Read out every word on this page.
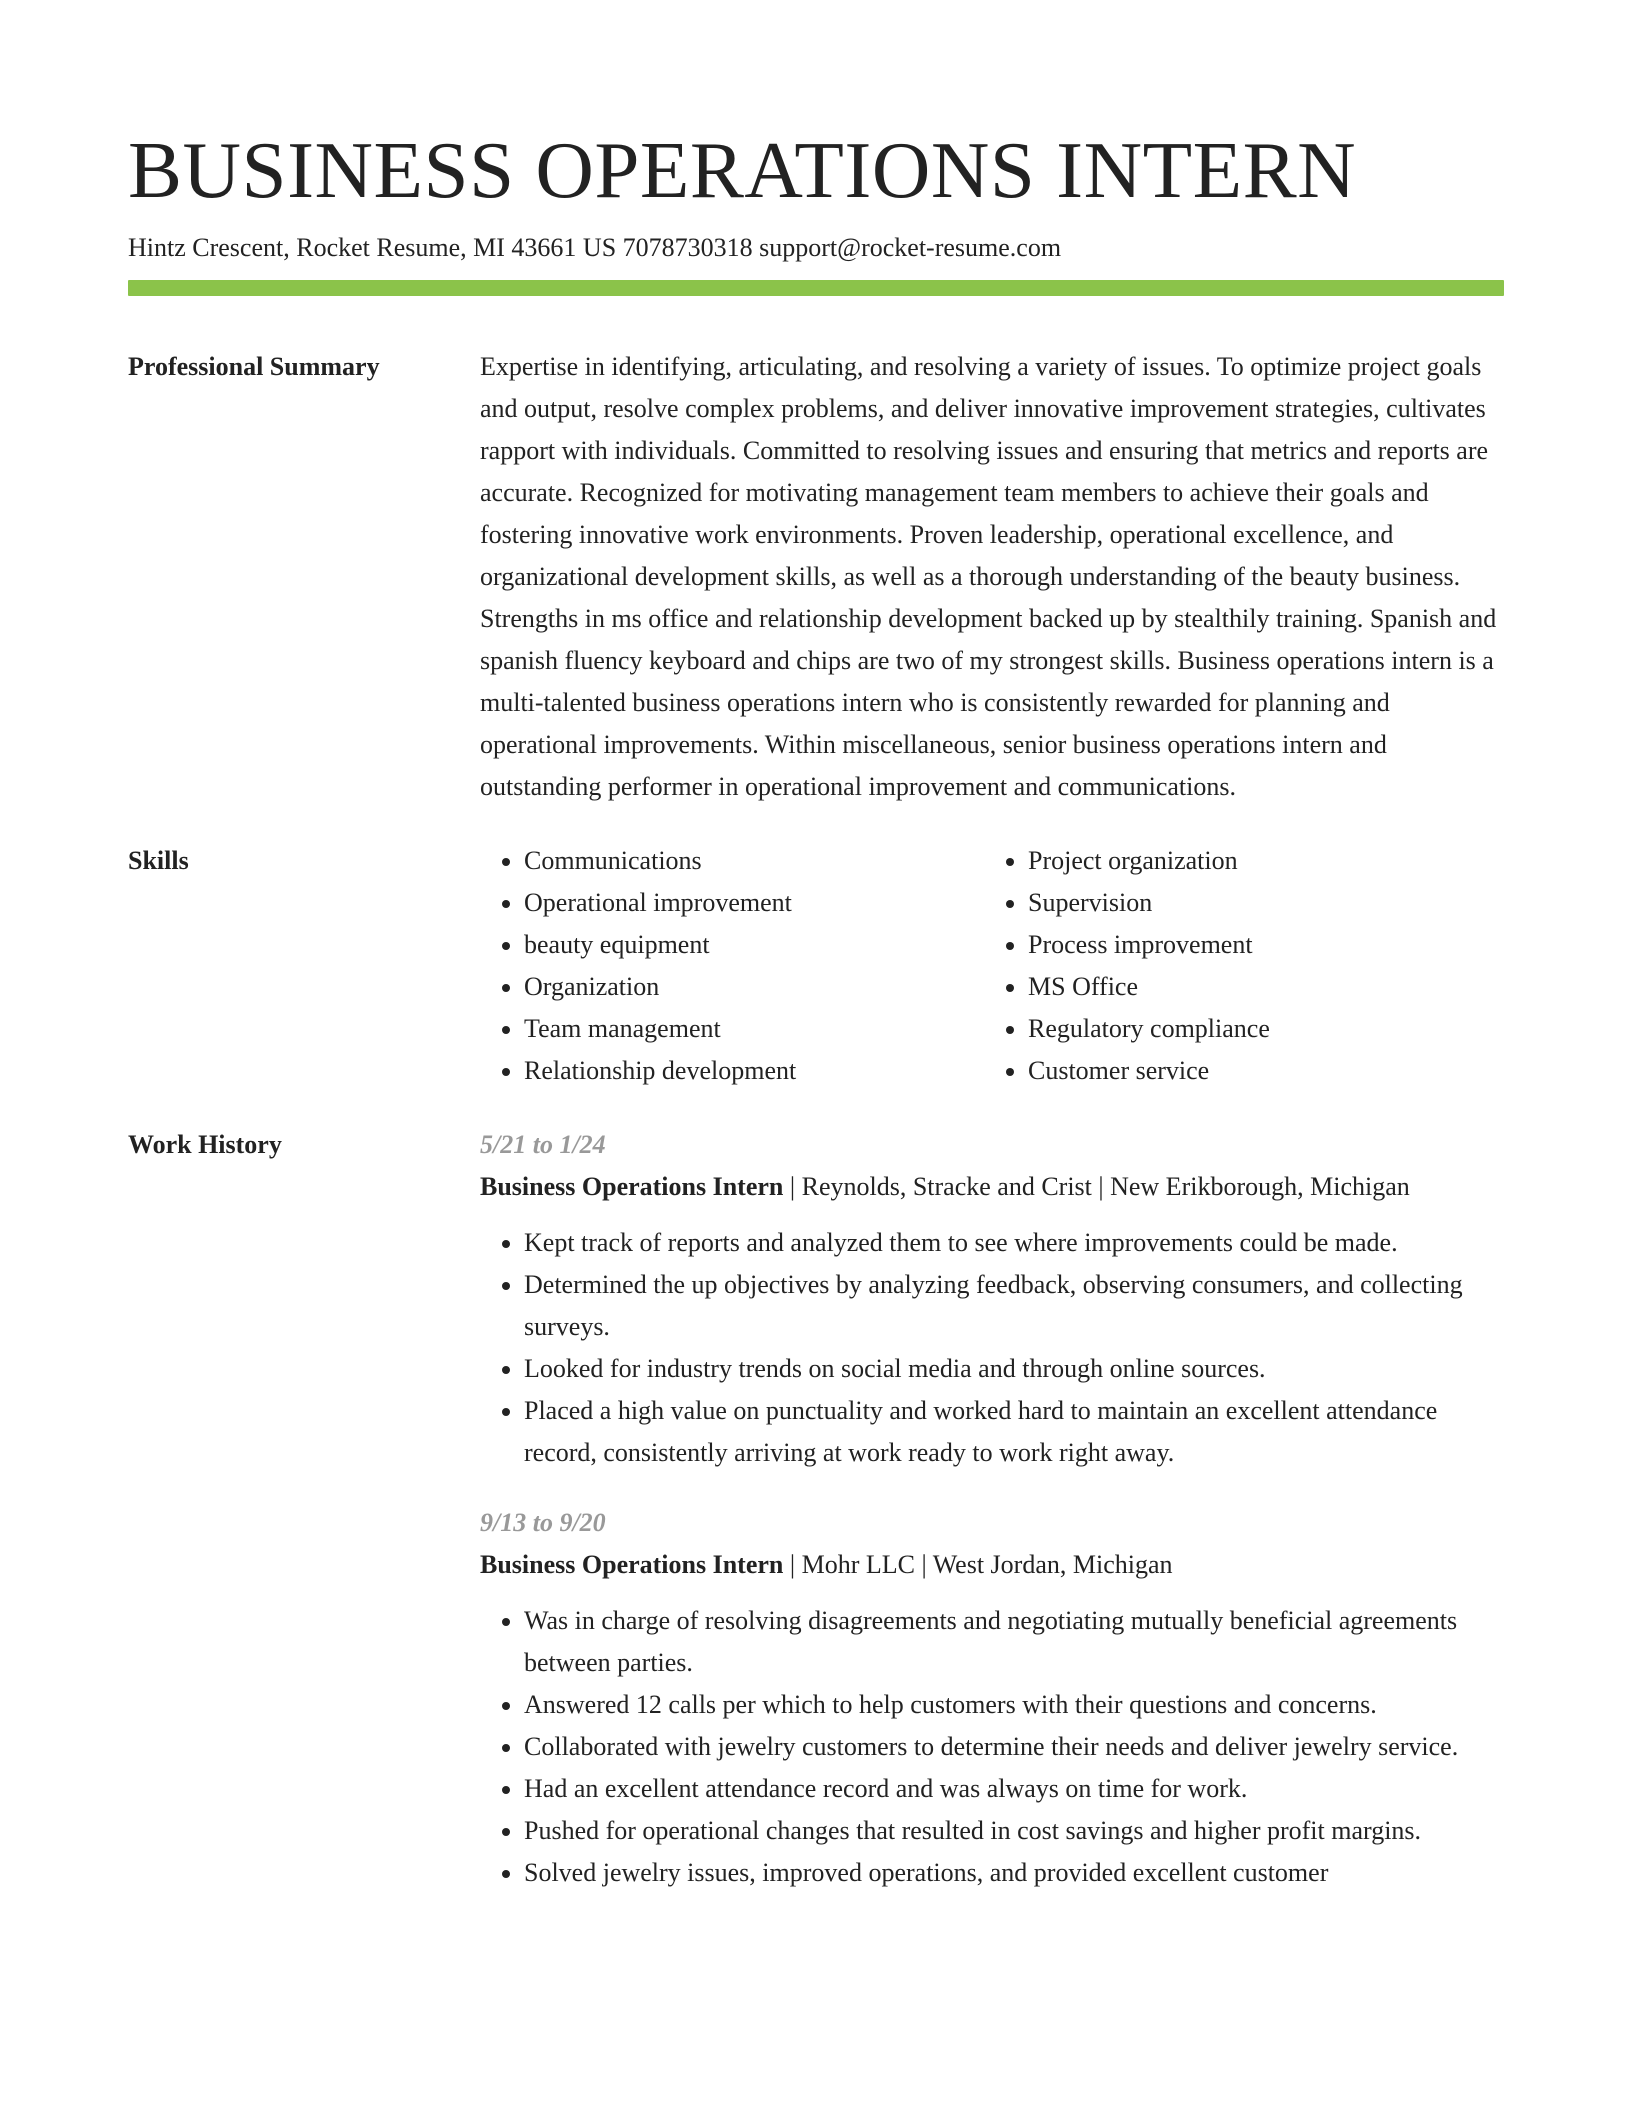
BUSINESS OPERATIONS INTERN
Hintz Crescent, Rocket Resume, MI 43661 US 7078730318 support@rocket-resume.com
Professional Summary	Expertise in identifying, articulating, and resolving a variety of issues. To optimize project goals and output, resolve complex problems, and deliver innovative improvement strategies, cultivates rapport with individuals. Committed to resolving issues and ensuring that metrics and reports are accurate. Recognized for motivating management team members to achieve their goals and fostering innovative work environments. Proven leadership, operational excellence, and organizational development skills, as well as a thorough understanding of the beauty business. Strengths in ms office and relationship development backed up by stealthily training. Spanish and spanish fluency keyboard and chips are two of my strongest skills. Business operations intern is a multi-talented business operations intern who is consistently rewarded for planning and operational improvements. Within miscellaneous, senior business operations intern and outstanding performer in operational improvement and communications.
Skills
•	Communications
• Operational improvement
• beauty equipment
• Organization
• Team management
• Relationship development
• Project organization
• Supervision
• Process improvement
• MS Office
• Regulatory compliance
• Customer service
Work History	5/21 to 1/24
Business Operations Intern | Reynolds, Stracke and Crist | New Erikborough, Michigan
• Kept track of reports and analyzed them to see where improvements could be made.
• Determined the up objectives by analyzing feedback, observing consumers, and collecting surveys.
• Looked for industry trends on social media and through online sources.
• Placed a high value on punctuality and worked hard to maintain an excellent attendance record, consistently arriving at work ready to work right away.
9/13 to 9/20
Business Operations Intern | Mohr LLC | West Jordan, Michigan
• Was in charge of resolving disagreements and negotiating mutually beneficial agreements between parties.
• Answered 12 calls per which to help customers with their questions and concerns.
• Collaborated with jewelry customers to determine their needs and deliver jewelry service.
• Had an excellent attendance record and was always on time for work.
• Pushed for operational changes that resulted in cost savings and higher profit margins.
• Solved jewelry issues, improved operations, and provided excellent customer
